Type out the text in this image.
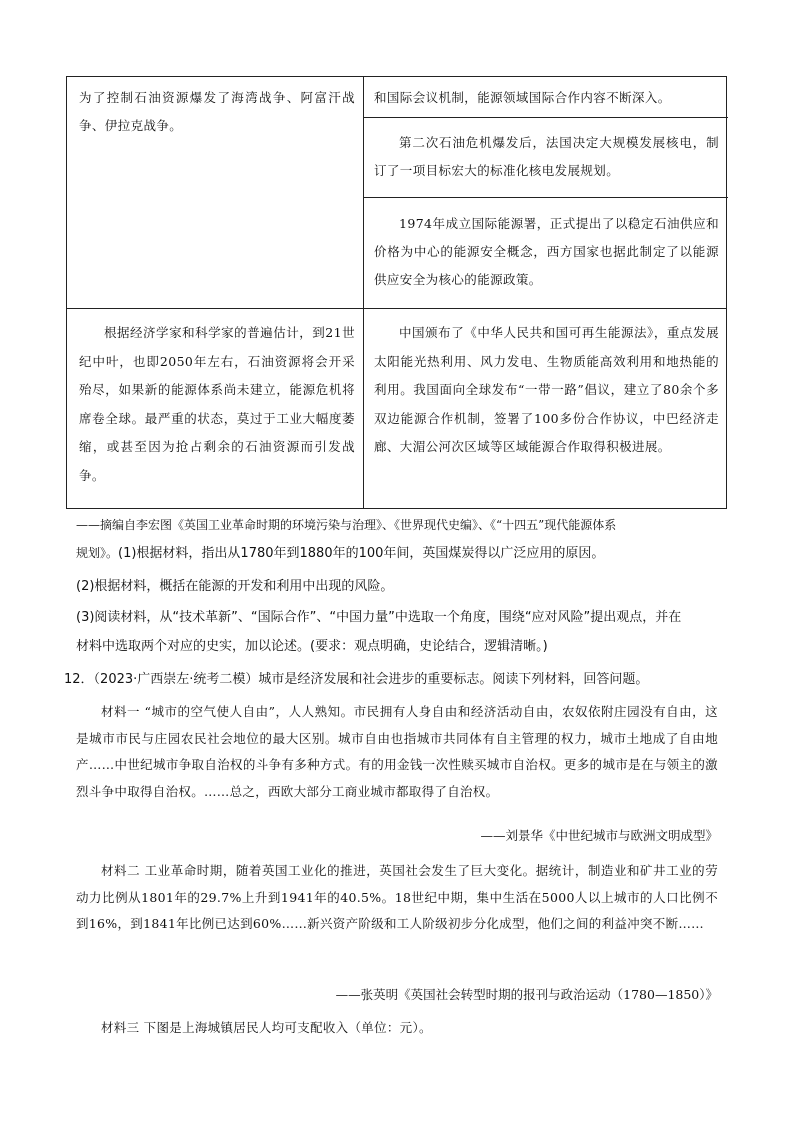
为了控制石油资源爆发了海湾战争、阿富汗战争、伊拉克战争。

和国际会议机制，能源领域国际合作内容不断深入。

第二次石油危机爆发后，法国决定大规模发展核电，制订了一项目标宏大的标准化核电发展规划。

1974年成立国际能源署，正式提出了以稳定石油供应和价格为中心的能源安全概念，西方国家也据此制定了以能源供应安全为核心的能源政策。

根据经济学家和科学家的普遍估计，到21世纪中叶，也即2050年左右，石油资源将会开采殆尽，如果新的能源体系尚未建立，能源危机将席卷全球。最严重的状态，莫过于工业大幅度萎缩，或甚至因为抢占剩余的石油资源而引发战争。

中国颁布了《中华人民共和国可再生能源法》，重点发展太阳能光热利用、风力发电、生物质能高效利用和地热能的利用。我国面向全球发布“一带一路”倡议，建立了80余个多双边能源合作机制，签署了100多份合作协议，中巴经济走廊、大湄公河次区域等区域能源合作取得积极进展。

——摘编自李宏图《英国工业革命时期的环境污染与治理》、《世界现代史编》、《“十四五”现代能源体系
规划》。(1)根据材料，指出从1780年到1880年的100年间，英国煤炭得以广泛应用的原因。
(2)根据材料，概括在能源的开发和利用中出现的风险。
(3)阅读材料，从“技术革新”、“国际合作”、“中国力量”中选取一个角度，围绕“应对风险”提出观点，并在
材料中选取两个对应的史实，加以论述。(要求：观点明确，史论结合，逻辑清晰。)
12．（2023·广西崇左·统考二模）城市是经济发展和社会进步的重要标志。阅读下列材料，回答问题。
材料一 “城市的空气使人自由”，人人熟知。市民拥有人身自由和经济活动自由，农奴依附庄园没有自由，这是城市市民与庄园农民社会地位的最大区别。城市自由也指城市共同体有自主管理的权力，城市土地成了自由地产……中世纪城市争取自治权的斗争有多种方式。有的用金钱一次性赎买城市自治权。更多的城市是在与领主的激烈斗争中取得自治权。……总之，西欧大部分工商业城市都取得了自治权。
——刘景华《中世纪城市与欧洲文明成型》
材料二 工业革命时期，随着英国工业化的推进，英国社会发生了巨大变化。据统计，制造业和矿井工业的劳动力比例从1801年的29.7%上升到1941年的40.5%。18世纪中期，集中生活在5000人以上城市的人口比例不到16%，到1841年比例已达到60%……新兴资产阶级和工人阶级初步分化成型，他们之间的利益冲突不断……
——张英明《英国社会转型时期的报刊与政治运动（1780—1850）》
材料三 下图是上海城镇居民人均可支配收入（单位：元）。
